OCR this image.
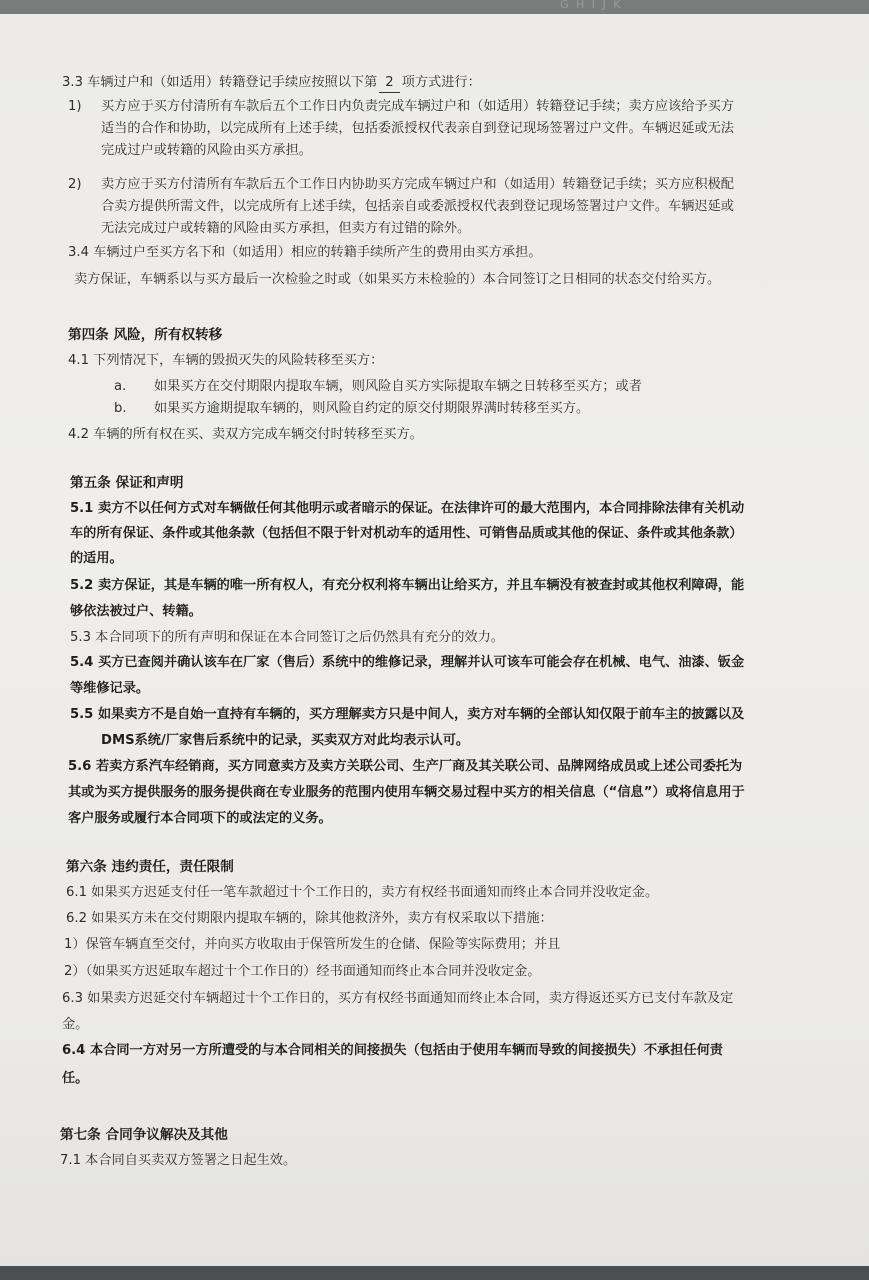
G H I J K
3.3 车辆过户和（如适用）转籍登记手续应按照以下第 2 项方式进行：
1) 买方应于买方付清所有车款后五个工作日内负责完成车辆过户和（如适用）转籍登记手续；卖方应该给予买方
适当的合作和协助，以完成所有上述手续，包括委派授权代表亲自到登记现场签署过户文件。车辆迟延或无法
完成过户或转籍的风险由买方承担。
2) 卖方应于买方付清所有车款后五个工作日内协助买方完成车辆过户和（如适用）转籍登记手续；买方应积极配
合卖方提供所需文件，以完成所有上述手续，包括亲自或委派授权代表到登记现场签署过户文件。车辆迟延或
无法完成过户或转籍的风险由买方承担，但卖方有过错的除外。
3.4 车辆过户至买方名下和（如适用）相应的转籍手续所产生的费用由买方承担。
卖方保证，车辆系以与买方最后一次检验之时或（如果买方未检验的）本合同签订之日相同的状态交付给买方。
第四条 风险，所有权转移
4.1 下列情况下，车辆的毁损灭失的风险转移至买方：
a. 如果买方在交付期限内提取车辆，则风险自买方实际提取车辆之日转移至买方；或者
b. 如果买方逾期提取车辆的，则风险自约定的原交付期限界满时转移至买方。
4.2 车辆的所有权在买、卖双方完成车辆交付时转移至买方。
第五条 保证和声明
5.1 卖方不以任何方式对车辆做任何其他明示或者暗示的保证。在法律许可的最大范围内，本合同排除法律有关机动
车的所有保证、条件或其他条款（包括但不限于针对机动车的适用性、可销售品质或其他的保证、条件或其他条款）
的适用。
5.2 卖方保证，其是车辆的唯一所有权人，有充分权利将车辆出让给买方，并且车辆没有被查封或其他权利障碍，能
够依法被过户、转籍。
5.3 本合同项下的所有声明和保证在本合同签订之后仍然具有充分的效力。
5.4 买方已查阅并确认该车在厂家（售后）系统中的维修记录，理解并认可该车可能会存在机械、电气、油漆、钣金
等维修记录。
5.5 如果卖方不是自始一直持有车辆的，买方理解卖方只是中间人，卖方对车辆的全部认知仅限于前车主的披露以及
DMS系统/厂家售后系统中的记录，买卖双方对此均表示认可。
5.6 若卖方系汽车经销商，买方同意卖方及卖方关联公司、生产厂商及其关联公司、品牌网络成员或上述公司委托为
其或为买方提供服务的服务提供商在专业服务的范围内使用车辆交易过程中买方的相关信息（“信息”）或将信息用于
客户服务或履行本合同项下的或法定的义务。
第六条 违约责任，责任限制
6.1 如果买方迟延支付任一笔车款超过十个工作日的，卖方有权经书面通知而终止本合同并没收定金。
6.2 如果买方未在交付期限内提取车辆的，除其他救济外，卖方有权采取以下措施：
1）保管车辆直至交付，并向买方收取由于保管所发生的仓储、保险等实际费用；并且
2）（如果买方迟延取车超过十个工作日的）经书面通知而终止本合同并没收定金。
6.3 如果卖方迟延交付车辆超过十个工作日的，买方有权经书面通知而终止本合同，卖方得返还买方已支付车款及定
金。
6.4 本合同一方对另一方所遭受的与本合同相关的间接损失（包括由于使用车辆而导致的间接损失）不承担任何责
任。
第七条 合同争议解决及其他
7.1 本合同自买卖双方签署之日起生效。
